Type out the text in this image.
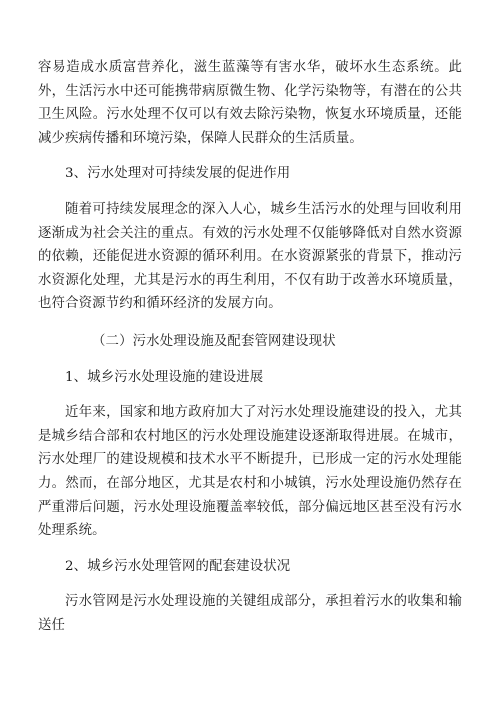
容易造成水质富营养化，滋生蓝藻等有害水华，破坏水生态系统。此外，生活污水中还可能携带病原微生物、化学污染物等，有潜在的公共卫生风险。污水处理不仅可以有效去除污染物，恢复水环境质量，还能减少疾病传播和环境污染，保障人民群众的生活质量。

3、污水处理对可持续发展的促进作用

随着可持续发展理念的深入人心，城乡生活污水的处理与回收利用逐渐成为社会关注的重点。有效的污水处理不仅能够降低对自然水资源的依赖，还能促进水资源的循环利用。在水资源紧张的背景下，推动污水资源化处理，尤其是污水的再生利用，不仅有助于改善水环境质量，也符合资源节约和循环经济的发展方向。

（二）污水处理设施及配套管网建设现状

1、城乡污水处理设施的建设进展

近年来，国家和地方政府加大了对污水处理设施建设的投入，尤其是城乡结合部和农村地区的污水处理设施建设逐渐取得进展。在城市，污水处理厂的建设规模和技术水平不断提升，已形成一定的污水处理能力。然而，在部分地区，尤其是农村和小城镇，污水处理设施仍然存在严重滞后问题，污水处理设施覆盖率较低，部分偏远地区甚至没有污水处理系统。

2、城乡污水处理管网的配套建设状况

污水管网是污水处理设施的关键组成部分，承担着污水的收集和输送任
